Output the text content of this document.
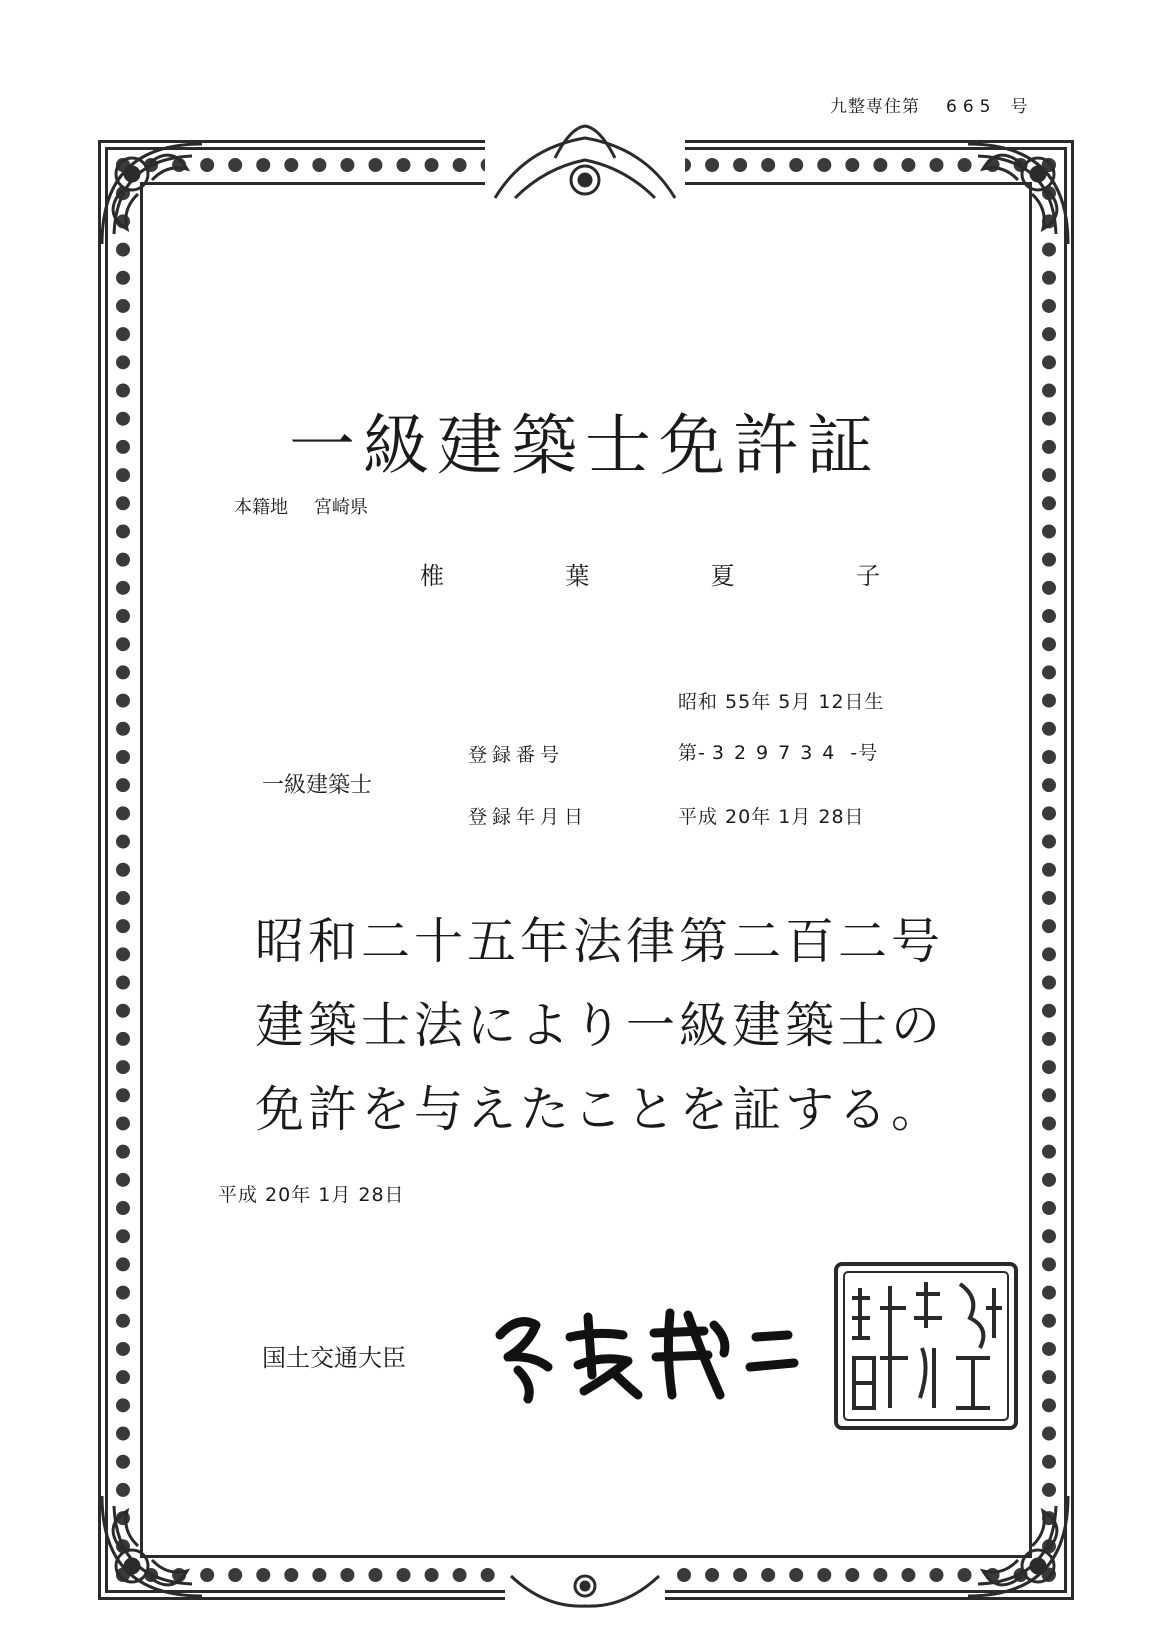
九整専住第 665 号
一級建築士免許証
本籍地 宮崎県
椎	葉	夏	子
昭和 55年 5月 12日生
一級建築士
登録番号	第- 329734 -号
登録年月日	平成 20年 1月 28日
昭和二十五年法律第二百二号
建築士法により一級建築士の
免許を与えたことを証する。
平成 20年 1月 28日
国土交通大臣
